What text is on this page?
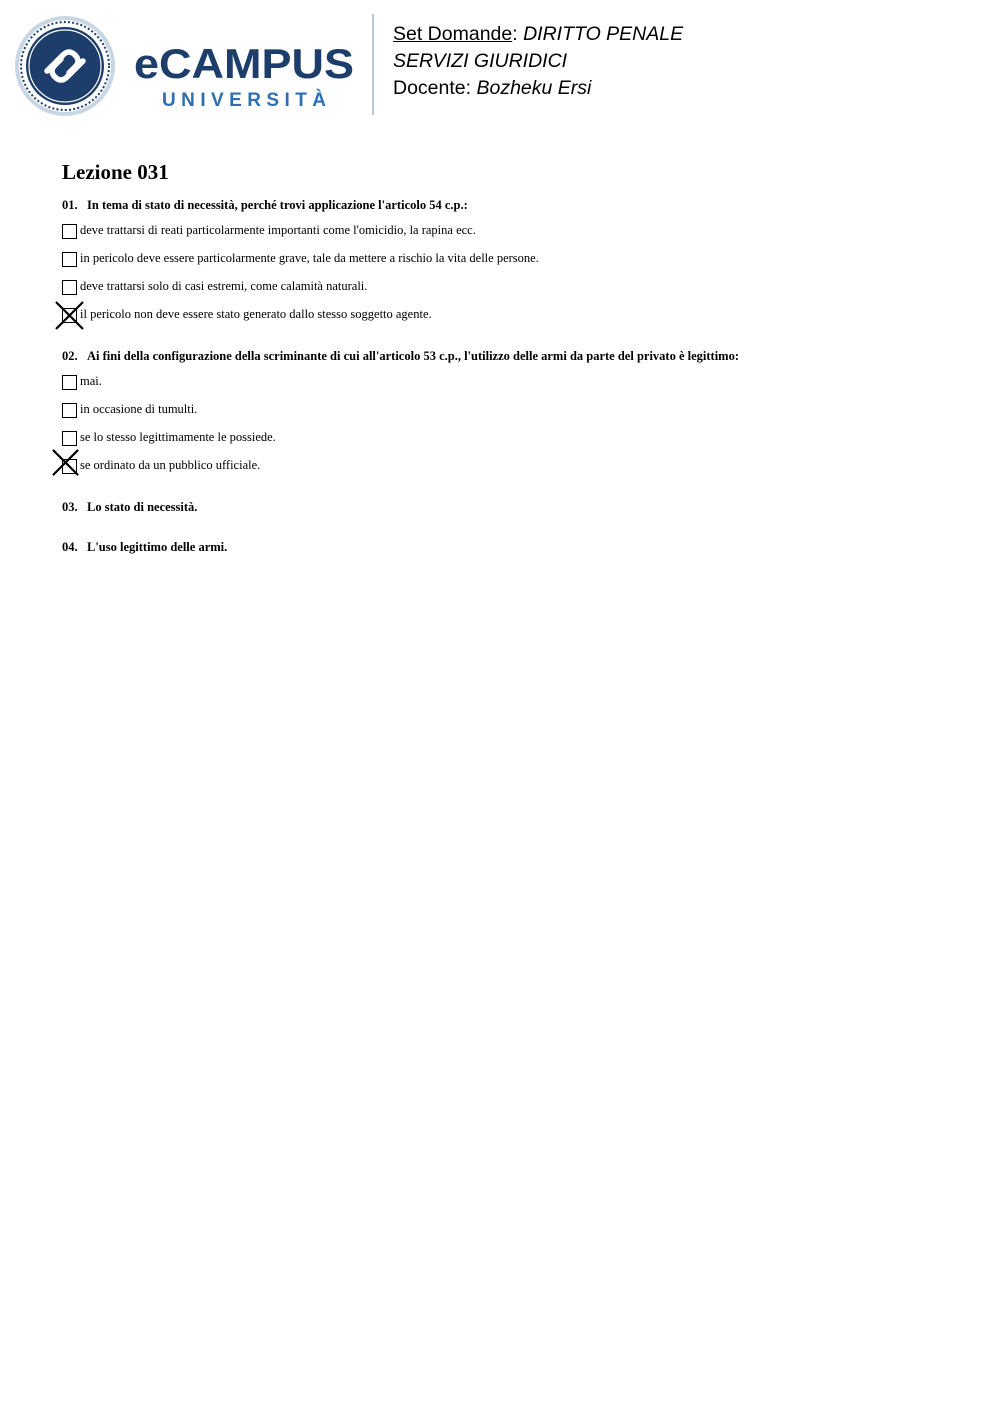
eCAMPUS
UNIVERSITÀ
Set Domande: DIRITTO PENALE
SERVIZI GIURIDICI
Docente: Bozheku Ersi
Lezione 031
01. In tema di stato di necessità, perché trovi applicazione l'articolo 54 c.p.:
deve trattarsi di reati particolarmente importanti come l'omicidio, la rapina ecc.
in pericolo deve essere particolarmente grave, tale da mettere a rischio la vita delle persone.
deve trattarsi solo di casi estremi, come calamità naturali.
il pericolo non deve essere stato generato dallo stesso soggetto agente.
02. Ai fini della configurazione della scriminante di cui all'articolo 53 c.p., l'utilizzo delle armi da parte del privato è legittimo:
mai.
in occasione di tumulti.
se lo stesso legittimamente le possiede.
se ordinato da un pubblico ufficiale.
03. Lo stato di necessità.
04. L'uso legittimo delle armi.
